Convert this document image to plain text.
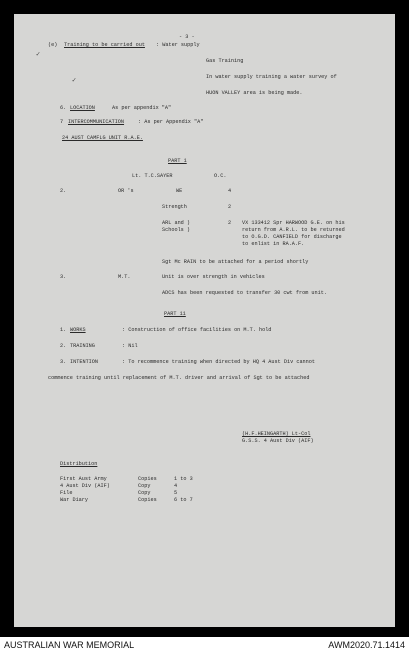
- 3 -
(e) Training to be carried out : Water supply
✓
Gas Training
In water supply training a water survey of
✓
HUON VALLEY area is being made.
6. LOCATION	As per appendix "A"
7 INTERCOMMUNICATION	: As per Appendix "A"
24 AUST CAMFLG UNIT R.A.E.
PART 1
Lt. T.C.SAYER	O.C.
2.	OR 's	WE	4
Strength	2
ARL and )
Schools )
2 VX 133412 Spr HARWOOD G.E. on his
return from A.R.L. to be returned
to O.G.D. CANFIELD for discharge
to enlist in RA.A.F.
Sgt Mc RAIN to be attached for a period shortly
3.	M.T.	Unit is over strength in vehicles
ADCS has been requested to transfer 30 cwt from unit.
PART 11
1. WORKS	: Construction of office facilities on M.T. hold
2. TRAINING	: Nil
3. INTENTION	: To recommence training when directed by HQ 4 Aust Div cannot
commence training until replacement of M.T. driver and arrival of Sgt to be attached
(H.F.HEINGARTH) Lt-Col
G.S.S. 4 Aust Div (AIF)
Distribution
First Aust Army	Copies	1 to 3
4 Aust Div (AIF)	Copy	4
File	Copy	5
War Diary	Copies	6 to 7
AUSTRALIAN WAR MEMORIAL	AWM2020.71.1414
